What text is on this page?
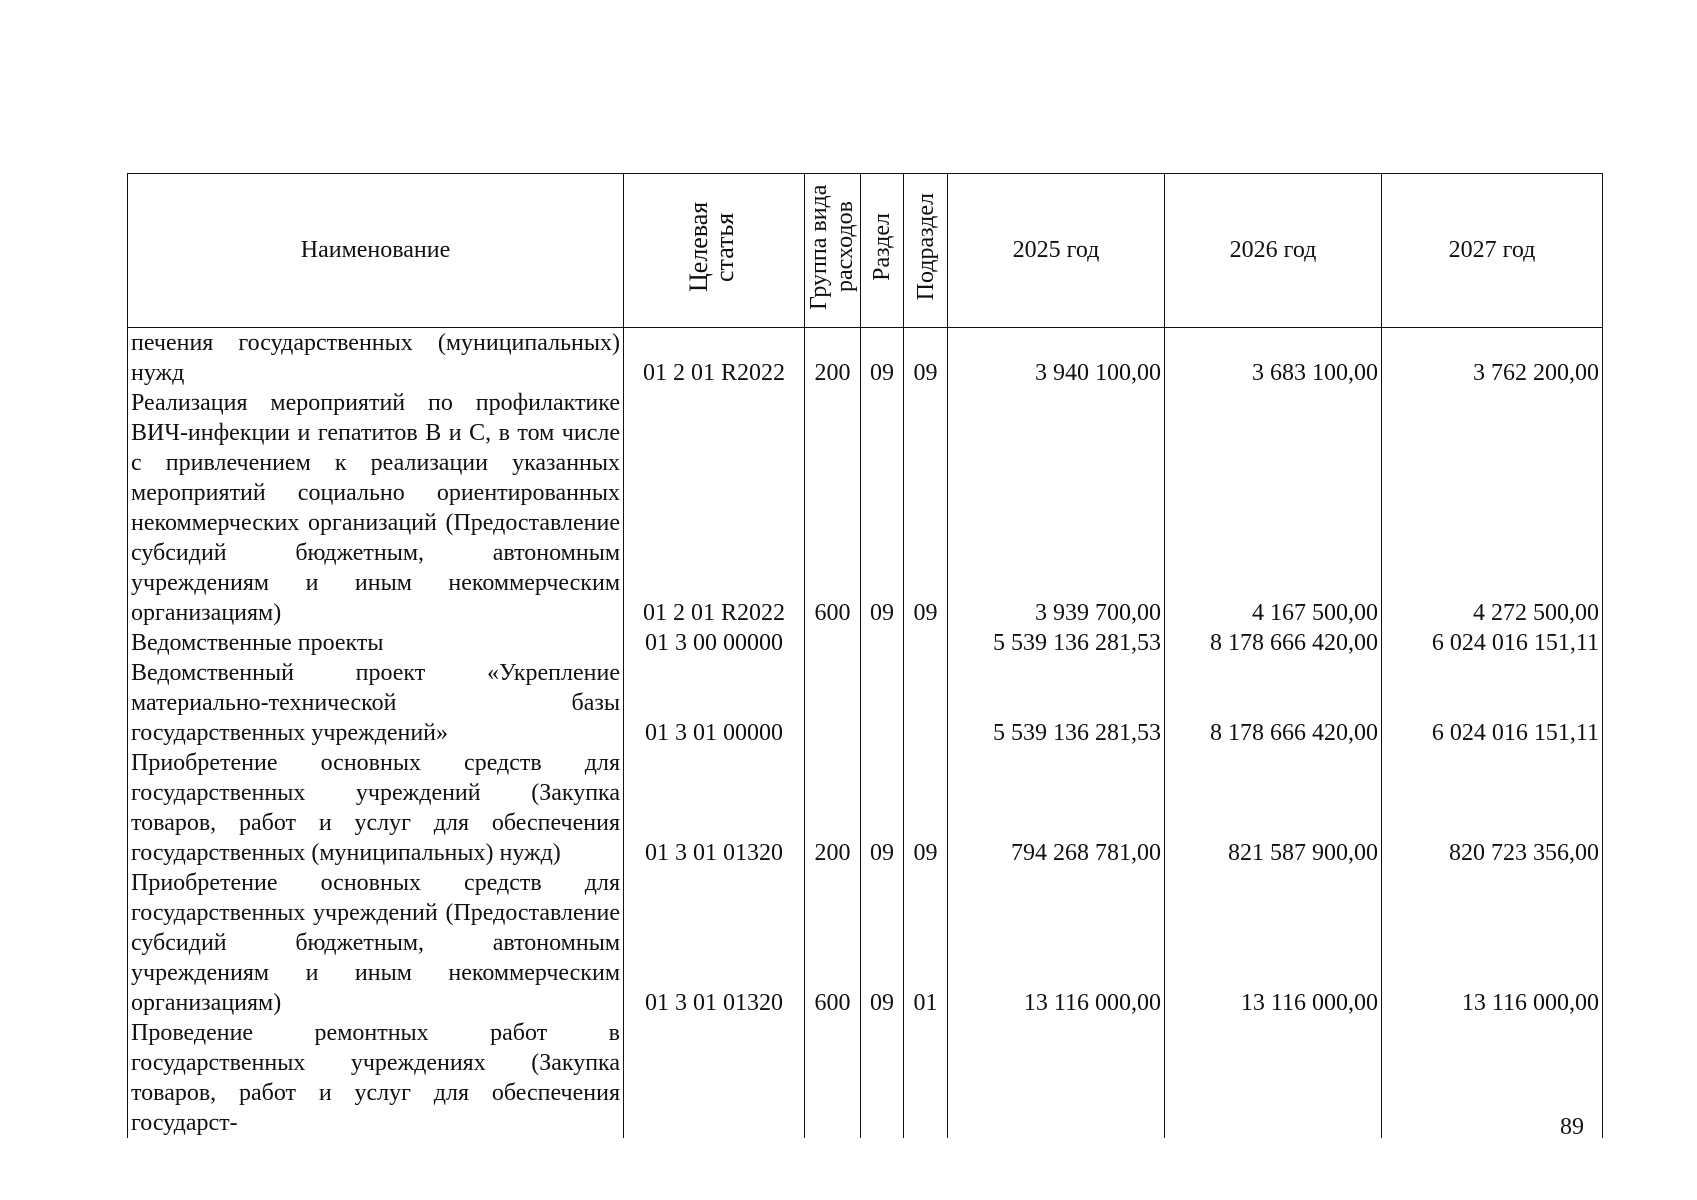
Наименование	Целевая статья	Группа вида расходов	Раздел	Подраздел	2025 год	2026 год	2027 год
печения государственных (муниципальных) нужд	01 2 01 R2022	200	09	09	3 940 100,00	3 683 100,00	3 762 200,00
Реализация мероприятий по профилактике ВИЧ-инфекции и гепатитов В и С, в том числе с привлечением к реализации указанных мероприятий социально ориентированных некоммерческих организаций (Предоставление субсидий бюджетным, автономным учреждениям и иным некоммерческим организациям)	01 2 01 R2022	600	09	09	3 939 700,00	4 167 500,00	4 272 500,00
Ведомственные проекты	01 3 00 00000				5 539 136 281,53	8 178 666 420,00	6 024 016 151,11
Ведомственный проект «Укрепление материально-технической базы государственных учреждений»	01 3 01 00000				5 539 136 281,53	8 178 666 420,00	6 024 016 151,11
Приобретение основных средств для государственных учреждений (Закупка товаров, работ и услуг для обеспечения государственных (муниципальных) нужд)	01 3 01 01320	200	09	09	794 268 781,00	821 587 900,00	820 723 356,00
Приобретение основных средств для государственных учреждений (Предоставление субсидий бюджетным, автономным учреждениям и иным некоммерческим организациям)	01 3 01 01320	600	09	01	13 116 000,00	13 116 000,00	13 116 000,00
Проведение ремонтных работ в государственных учреждениях (Закупка товаров, работ и услуг для обеспечения государст-								89
